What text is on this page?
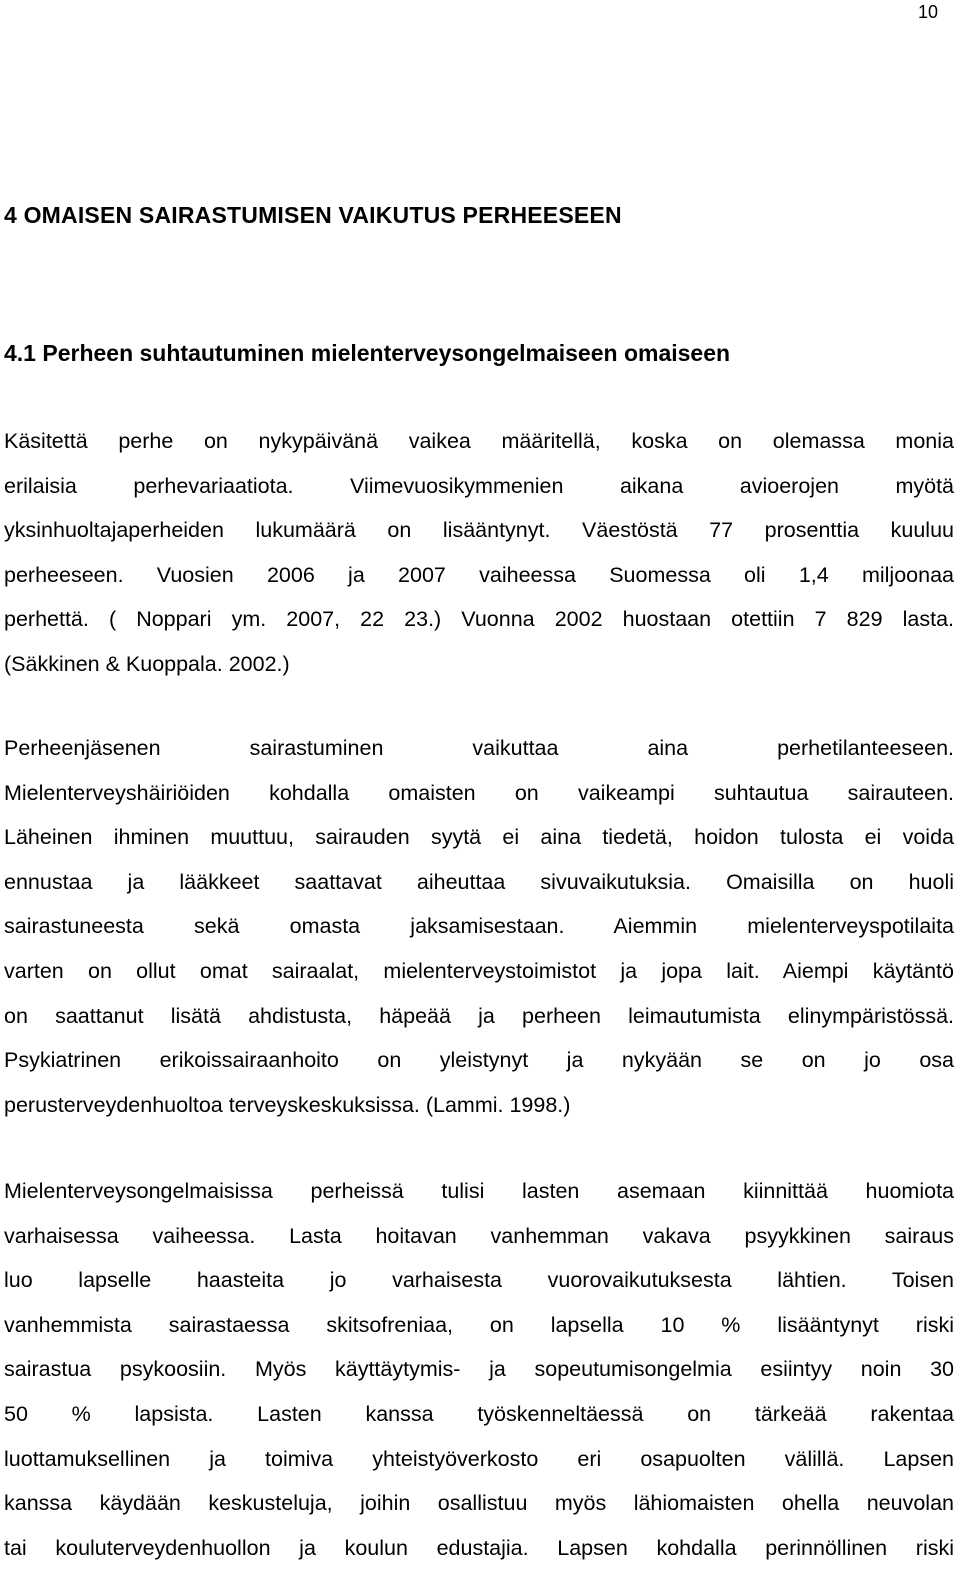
10
4 OMAISEN SAIRASTUMISEN VAIKUTUS PERHEESEEN
4.1 Perheen suhtautuminen mielenterveysongelmaiseen omaiseen
Käsitettä perhe on nykypäivänä vaikea määritellä, koska on olemassa monia
erilaisia perhevariaatiota. Viimevuosikymmenien aikana avioerojen myötä
yksinhuoltajaperheiden lukumäärä on lisääntynyt. Väestöstä 77 prosenttia kuuluu
perheeseen. Vuosien 2006 ja 2007 vaiheessa Suomessa oli 1,4 miljoonaa
perhettä. ( Noppari ym. 2007, 22 23.) Vuonna 2002 huostaan otettiin 7 829 lasta.
(Säkkinen & Kuoppala. 2002.)
Perheenjäsenen sairastuminen vaikuttaa aina perhetilanteeseen.
Mielenterveyshäiriöiden kohdalla omaisten on vaikeampi suhtautua sairauteen.
Läheinen ihminen muuttuu, sairauden syytä ei aina tiedetä, hoidon tulosta ei voida
ennustaa ja lääkkeet saattavat aiheuttaa sivuvaikutuksia. Omaisilla on huoli
sairastuneesta sekä omasta jaksamisestaan. Aiemmin mielenterveyspotilaita
varten on ollut omat sairaalat, mielenterveystoimistot ja jopa lait. Aiempi käytäntö
on saattanut lisätä ahdistusta, häpeää ja perheen leimautumista elinympäristössä.
Psykiatrinen erikoissairaanhoito on yleistynyt ja nykyään se on jo osa
perusterveydenhuoltoa terveyskeskuksissa. (Lammi. 1998.)
Mielenterveysongelmaisissa perheissä tulisi lasten asemaan kiinnittää huomiota
varhaisessa vaiheessa. Lasta hoitavan vanhemman vakava psyykkinen sairaus
luo lapselle haasteita jo varhaisesta vuorovaikutuksesta lähtien. Toisen
vanhemmista sairastaessa skitsofreniaa, on lapsella 10 % lisääntynyt riski
sairastua psykoosiin. Myös käyttäytymis- ja sopeutumisongelmia esiintyy noin 30
50 % lapsista. Lasten kanssa työskenneltäessä on tärkeää rakentaa
luottamuksellinen ja toimiva yhteistyöverkosto eri osapuolten välillä. Lapsen
kanssa käydään keskusteluja, joihin osallistuu myös lähiomaisten ohella neuvolan
tai kouluterveydenhuollon ja koulun edustajia. Lapsen kohdalla perinnöllinen riski
